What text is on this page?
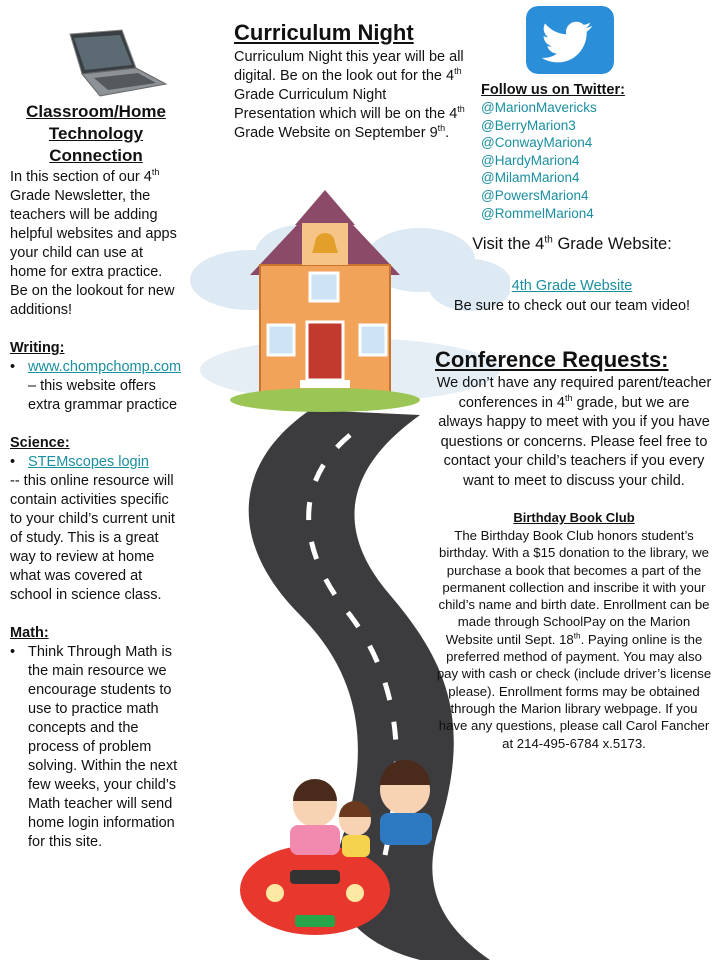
Classroom/Home Technology Connection
In this section of our 4th Grade Newsletter, the teachers will be adding helpful websites and apps your child can use at home for extra practice. Be on the lookout for new additions!
Writing:
• www.chompchomp.com – this website offers extra grammar practice
Science:
• STEMscopes login
-- this online resource will contain activities specific to your child’s current unit of study. This is a great way to review at home what was covered at school in science class.
Math:
• Think Through Math is the main resource we encourage students to use to practice math concepts and the process of problem solving. Within the next few weeks, your child’s Math teacher will send home login information for this site.
Curriculum Night
Curriculum Night this year will be all digital. Be on the look out for the 4th Grade Curriculum Night Presentation which will be on the 4th Grade Website on September 9th.
Follow us on Twitter:
@MarionMavericks
@BerryMarion3
@ConwayMarion4
@HardyMarion4
@MilamMarion4
@PowersMarion4
@RommelMarion4
Visit the 4th Grade Website:
4th Grade Website
Be sure to check out our team video!
Conference Requests:
We don’t have any required parent/teacher conferences in 4th grade, but we are always happy to meet with you if you have questions or concerns. Please feel free to contact your child’s teachers if you every want to meet to discuss your child.
Birthday Book Club
The Birthday Book Club honors student’s birthday. With a $15 donation to the library, we purchase a book that becomes a part of the permanent collection and inscribe it with your child’s name and birth date. Enrollment can be made through SchoolPay on the Marion Website until Sept. 18th. Paying online is the preferred method of payment. You may also pay with cash or check (include driver’s license please). Enrollment forms may be obtained through the Marion library webpage. If you have any questions, please call Carol Fancher at 214-495-6784 x.5173.
